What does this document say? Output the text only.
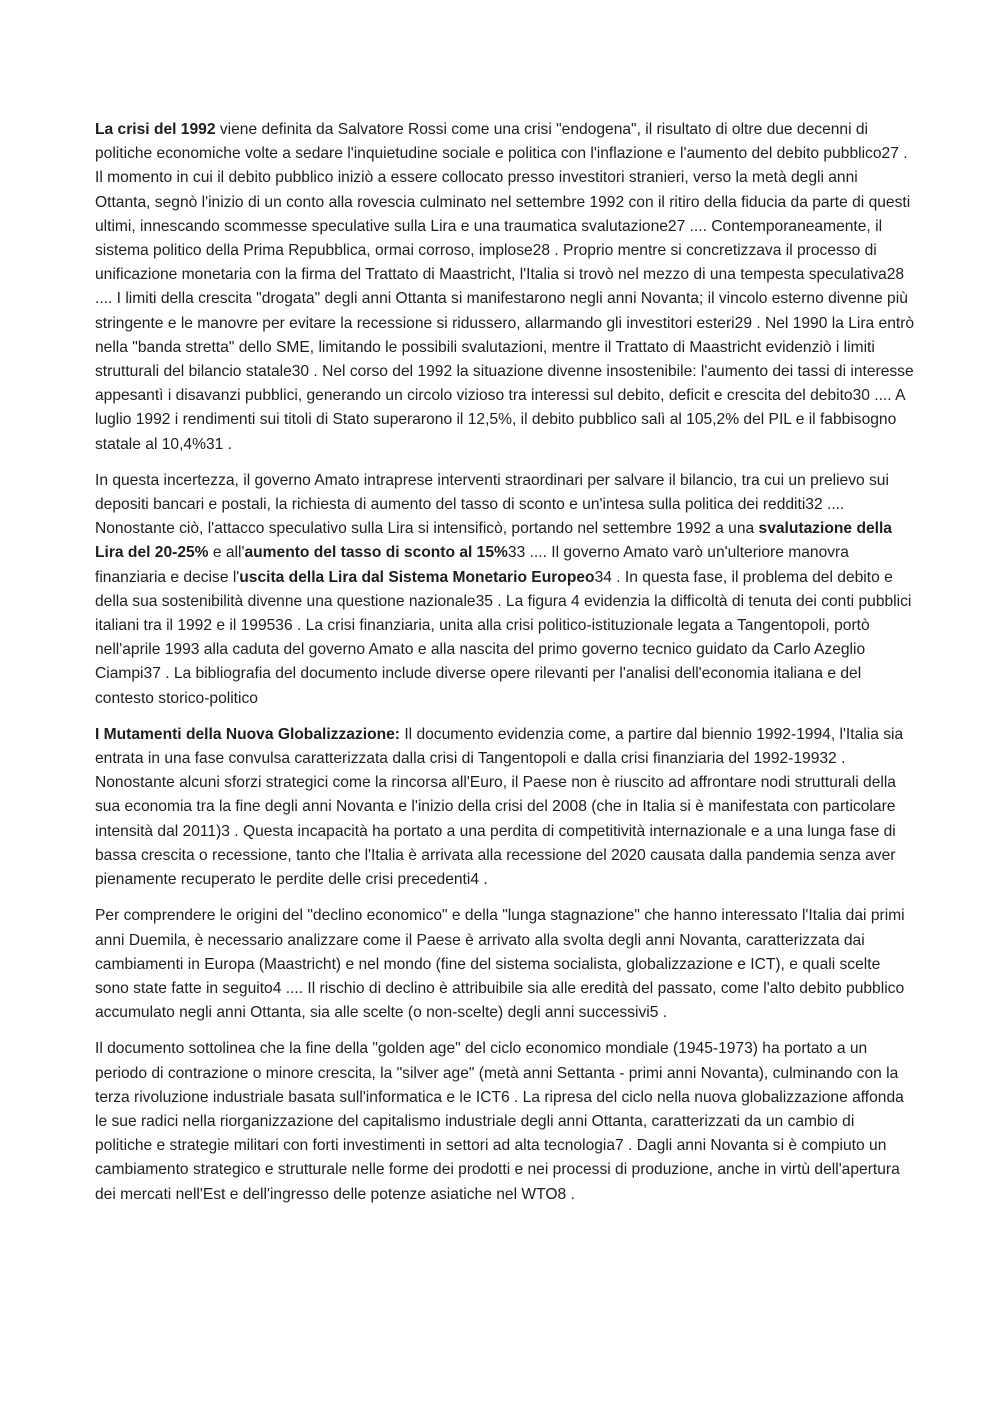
La crisi del 1992 viene definita da Salvatore Rossi come una crisi "endogena", il risultato di oltre due decenni di politiche economiche volte a sedare l'inquietudine sociale e politica con l'inflazione e l'aumento del debito pubblico27 . Il momento in cui il debito pubblico iniziò a essere collocato presso investitori stranieri, verso la metà degli anni Ottanta, segnò l'inizio di un conto alla rovescia culminato nel settembre 1992 con il ritiro della fiducia da parte di questi ultimi, innescando scommesse speculative sulla Lira e una traumatica svalutazione27 .... Contemporaneamente, il sistema politico della Prima Repubblica, ormai corroso, implose28 . Proprio mentre si concretizzava il processo di unificazione monetaria con la firma del Trattato di Maastricht, l'Italia si trovò nel mezzo di una tempesta speculativa28 .... I limiti della crescita "drogata" degli anni Ottanta si manifestarono negli anni Novanta; il vincolo esterno divenne più stringente e le manovre per evitare la recessione si ridussero, allarmando gli investitori esteri29 . Nel 1990 la Lira entrò nella "banda stretta" dello SME, limitando le possibili svalutazioni, mentre il Trattato di Maastricht evidenziò i limiti strutturali del bilancio statale30 . Nel corso del 1992 la situazione divenne insostenibile: l'aumento dei tassi di interesse appesantì i disavanzi pubblici, generando un circolo vizioso tra interessi sul debito, deficit e crescita del debito30 .... A luglio 1992 i rendimenti sui titoli di Stato superarono il 12,5%, il debito pubblico salì al 105,2% del PIL e il fabbisogno statale al 10,4%31 .

In questa incertezza, il governo Amato intraprese interventi straordinari per salvare il bilancio, tra cui un prelievo sui depositi bancari e postali, la richiesta di aumento del tasso di sconto e un'intesa sulla politica dei redditi32 .... Nonostante ciò, l'attacco speculativo sulla Lira si intensificò, portando nel settembre 1992 a una svalutazione della Lira del 20-25% e all'aumento del tasso di sconto al 15%33 .... Il governo Amato varò un'ulteriore manovra finanziaria e decise l'uscita della Lira dal Sistema Monetario Europeo34 . In questa fase, il problema del debito e della sua sostenibilità divenne una questione nazionale35 . La figura 4 evidenzia la difficoltà di tenuta dei conti pubblici italiani tra il 1992 e il 199536 . La crisi finanziaria, unita alla crisi politico-istituzionale legata a Tangentopoli, portò nell'aprile 1993 alla caduta del governo Amato e alla nascita del primo governo tecnico guidato da Carlo Azeglio Ciampi37 . La bibliografia del documento include diverse opere rilevanti per l'analisi dell'economia italiana e del contesto storico-politico

I Mutamenti della Nuova Globalizzazione: Il documento evidenzia come, a partire dal biennio 1992-1994, l'Italia sia entrata in una fase convulsa caratterizzata dalla crisi di Tangentopoli e dalla crisi finanziaria del 1992-19932 . Nonostante alcuni sforzi strategici come la rincorsa all'Euro, il Paese non è riuscito ad affrontare nodi strutturali della sua economia tra la fine degli anni Novanta e l'inizio della crisi del 2008 (che in Italia si è manifestata con particolare intensità dal 2011)3 . Questa incapacità ha portato a una perdita di competitività internazionale e a una lunga fase di bassa crescita o recessione, tanto che l'Italia è arrivata alla recessione del 2020 causata dalla pandemia senza aver pienamente recuperato le perdite delle crisi precedenti4 .

Per comprendere le origini del "declino economico" e della "lunga stagnazione" che hanno interessato l'Italia dai primi anni Duemila, è necessario analizzare come il Paese è arrivato alla svolta degli anni Novanta, caratterizzata dai cambiamenti in Europa (Maastricht) e nel mondo (fine del sistema socialista, globalizzazione e ICT), e quali scelte sono state fatte in seguito4 .... Il rischio di declino è attribuibile sia alle eredità del passato, come l'alto debito pubblico accumulato negli anni Ottanta, sia alle scelte (o non-scelte) degli anni successivi5 .

Il documento sottolinea che la fine della "golden age" del ciclo economico mondiale (1945-1973) ha portato a un periodo di contrazione o minore crescita, la "silver age" (metà anni Settanta - primi anni Novanta), culminando con la terza rivoluzione industriale basata sull'informatica e le ICT6 . La ripresa del ciclo nella nuova globalizzazione affonda le sue radici nella riorganizzazione del capitalismo industriale degli anni Ottanta, caratterizzati da un cambio di politiche e strategie militari con forti investimenti in settori ad alta tecnologia7 . Dagli anni Novanta si è compiuto un cambiamento strategico e strutturale nelle forme dei prodotti e nei processi di produzione, anche in virtù dell'apertura dei mercati nell'Est e dell'ingresso delle potenze asiatiche nel WTO8 .
